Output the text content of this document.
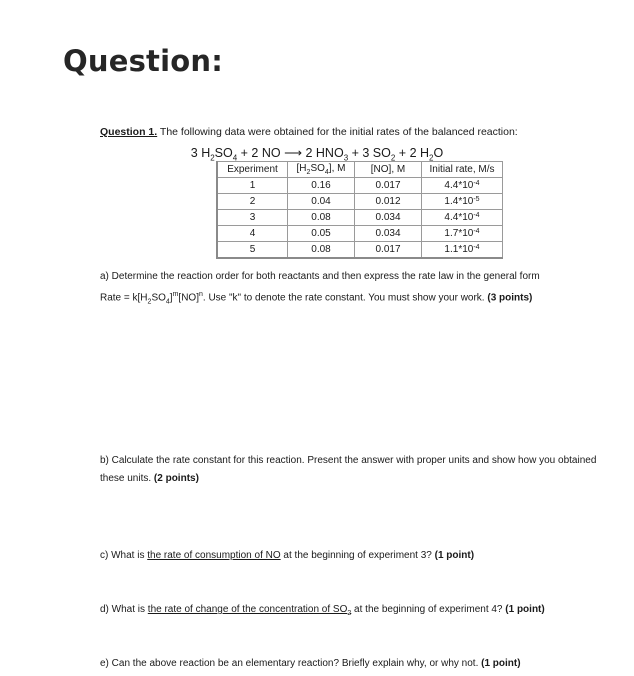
Question:
Question 1. The following data were obtained for the initial rates of the balanced reaction:
3 $H_2SO_4 + 2$ NO ⟶ 2 $HNO_3 + 3$ $SO_2 + 2$ $H_2O$
Experiment	$[H_2SO_4]$, M	[NO], M	Initial rate, M/s
1	0.16	0.017	$4.4*10^{-4}$
2	0.04	0.012	$1.4*10^{-5}$
3	0.08	0.034	$4.4*10^{-4}$
4	0.05	0.034	$1.7*10^{-4}$
5	0.08	0.017	$1.1*10^{-4}$
a) Determine the reaction order for both reactants and then express the rate law in the general form
Rate = $k[H_2SO_4]^m[NO]^n$. Use "k" to denote the rate constant. You must show your work. (3 points)
b) Calculate the rate constant for this reaction. Present the answer with proper units and show how you obtained these units. (2 points)
c) What is the rate of consumption of NO at the beginning of experiment 3? (1 point)
d) What is the rate of change of the concentration of $SO_2$ at the beginning of experiment 4? (1 point)
e) Can the above reaction be an elementary reaction? Briefly explain why, or why not. (1 point)
